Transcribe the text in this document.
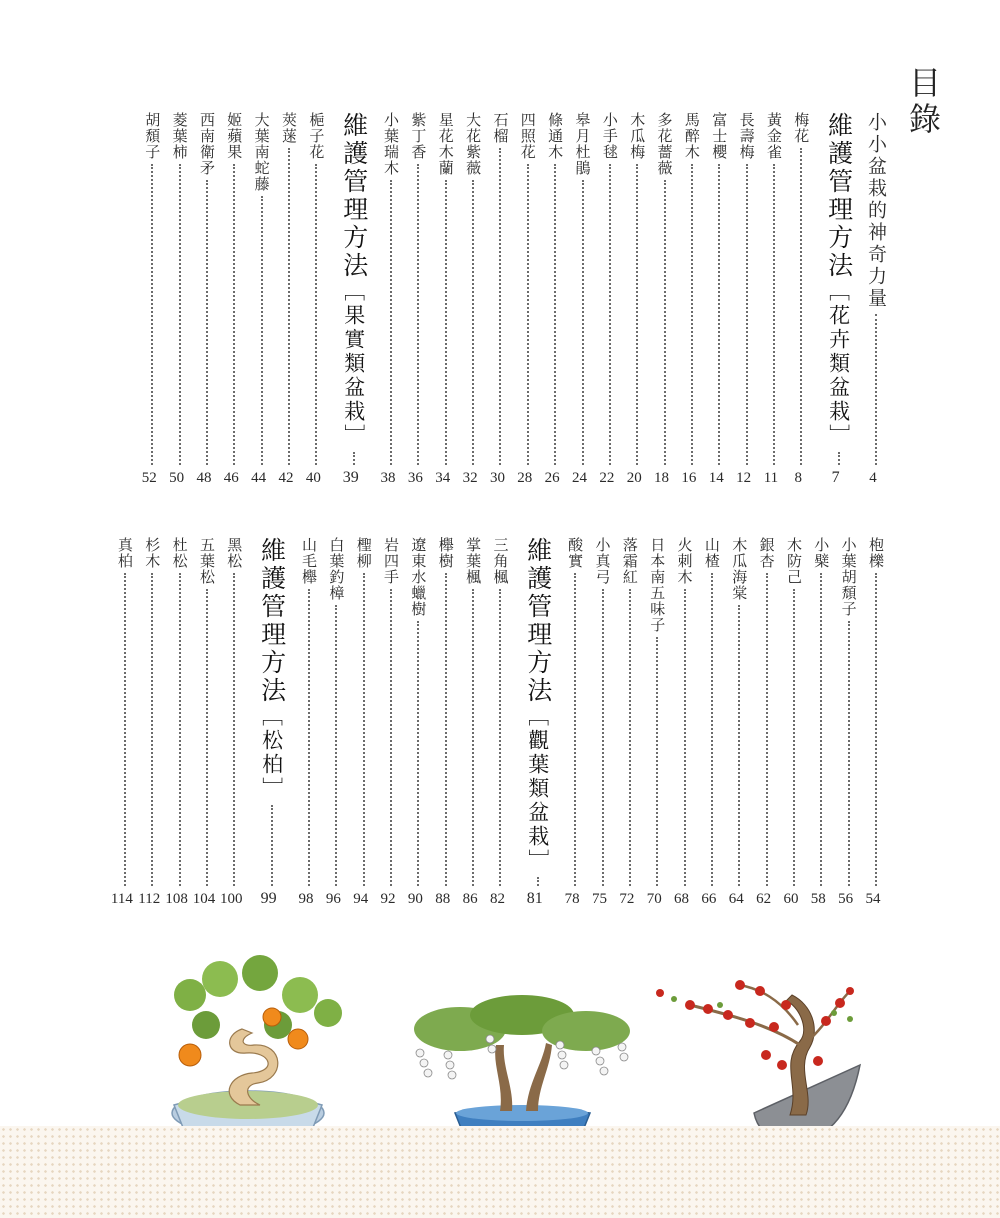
目錄
小小盆栽的神奇力量
4
維護管理方法
［花卉類盆栽］
7
梅花
8
黃金雀
11
長壽梅
12
富士櫻
14
馬醉木
16
多花薔薇
18
木瓜梅
20
小手毬
22
皋月杜鵑
24
條通木
26
四照花
28
石榴
30
大花紫薇
32
星花木蘭
34
紫丁香
36
小葉瑞木
38
維護管理方法
［果實類盆栽］
39
梔子花
40
莢蒾
42
大葉南蛇藤
44
姬蘋果
46
西南衛矛
48
菱葉柿
50
胡頹子
52
枹櫟
54
小葉胡頹子
56
小檗
58
木防己
60
銀杏
62
木瓜海棠
64
山楂
66
火刺木
68
日本南五味子
70
落霜紅
72
小真弓
75
酸實
78
維護管理方法
［觀葉類盆栽］
81
三角楓
82
掌葉楓
86
櫸樹
88
遼東水蠟樹
90
岩四手
92
檉柳
94
白葉釣樟
96
山毛櫸
98
維護管理方法
［松柏］
99
黑松
100
五葉松
104
杜松
108
杉木
112
真柏
114
